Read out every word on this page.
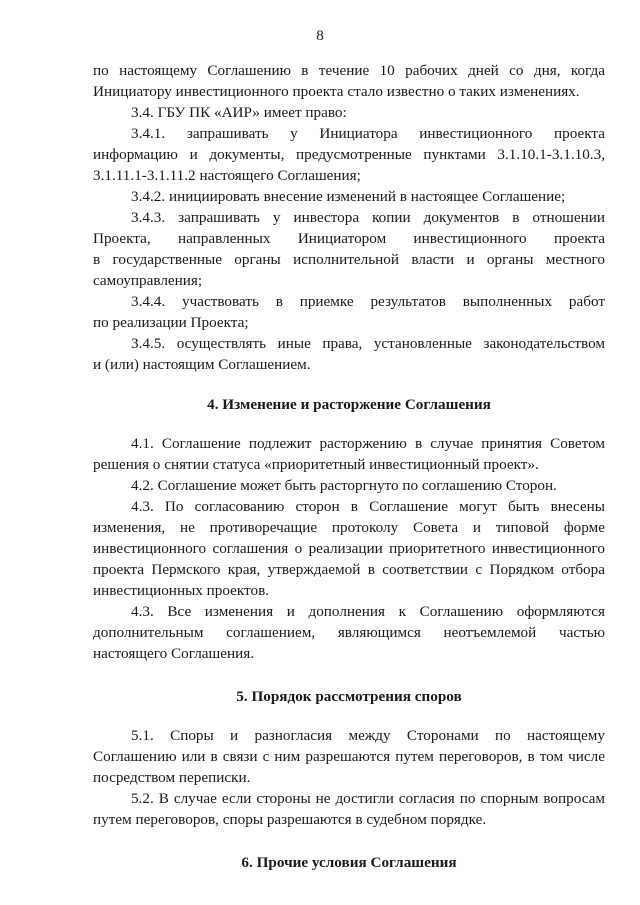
8

по настоящему Соглашению в течение 10 рабочих дней со дня, когда

Инициатору инвестиционного проекта стало известно о таких изменениях.

3.4. ГБУ ПК «АИР» имеет право:

3.4.1. запрашивать у Инициатора инвестиционного проекта

информацию и документы, предусмотренные пунктами 3.1.10.1-3.1.10.3,

3.1.11.1-3.1.11.2 настоящего Соглашения;

3.4.2. инициировать внесение изменений в настоящее Соглашение;

3.4.3. запрашивать у инвестора копии документов в отношении

Проекта, направленных Инициатором инвестиционного проекта

в государственные органы исполнительной власти и органы местного

самоуправления;

3.4.4. участвовать в приемке результатов выполненных работ

по реализации Проекта;

3.4.5. осуществлять иные права, установленные законодательством

и (или) настоящим Соглашением.

4. Изменение и расторжение Соглашения

4.1. Соглашение подлежит расторжению в случае принятия Советом

решения о снятии статуса «приоритетный инвестиционный проект».

4.2. Соглашение может быть расторгнуто по соглашению Сторон.

4.3. По согласованию сторон в Соглашение могут быть внесены

изменения, не противоречащие протоколу Совета и типовой форме

инвестиционного соглашения о реализации приоритетного инвестиционного

проекта Пермского края, утверждаемой в соответствии с Порядком отбора

инвестиционных проектов.

4.3. Все изменения и дополнения к Соглашению оформляются

дополнительным соглашением, являющимся неотъемлемой частью

настоящего Соглашения.

5. Порядок рассмотрения споров

5.1. Споры и разногласия между Сторонами по настоящему

Соглашению или в связи с ним разрешаются путем переговоров, в том числе

посредством переписки.

5.2. В случае если стороны не достигли согласия по спорным вопросам

путем переговоров, споры разрешаются в судебном порядке.

6. Прочие условия Соглашения
